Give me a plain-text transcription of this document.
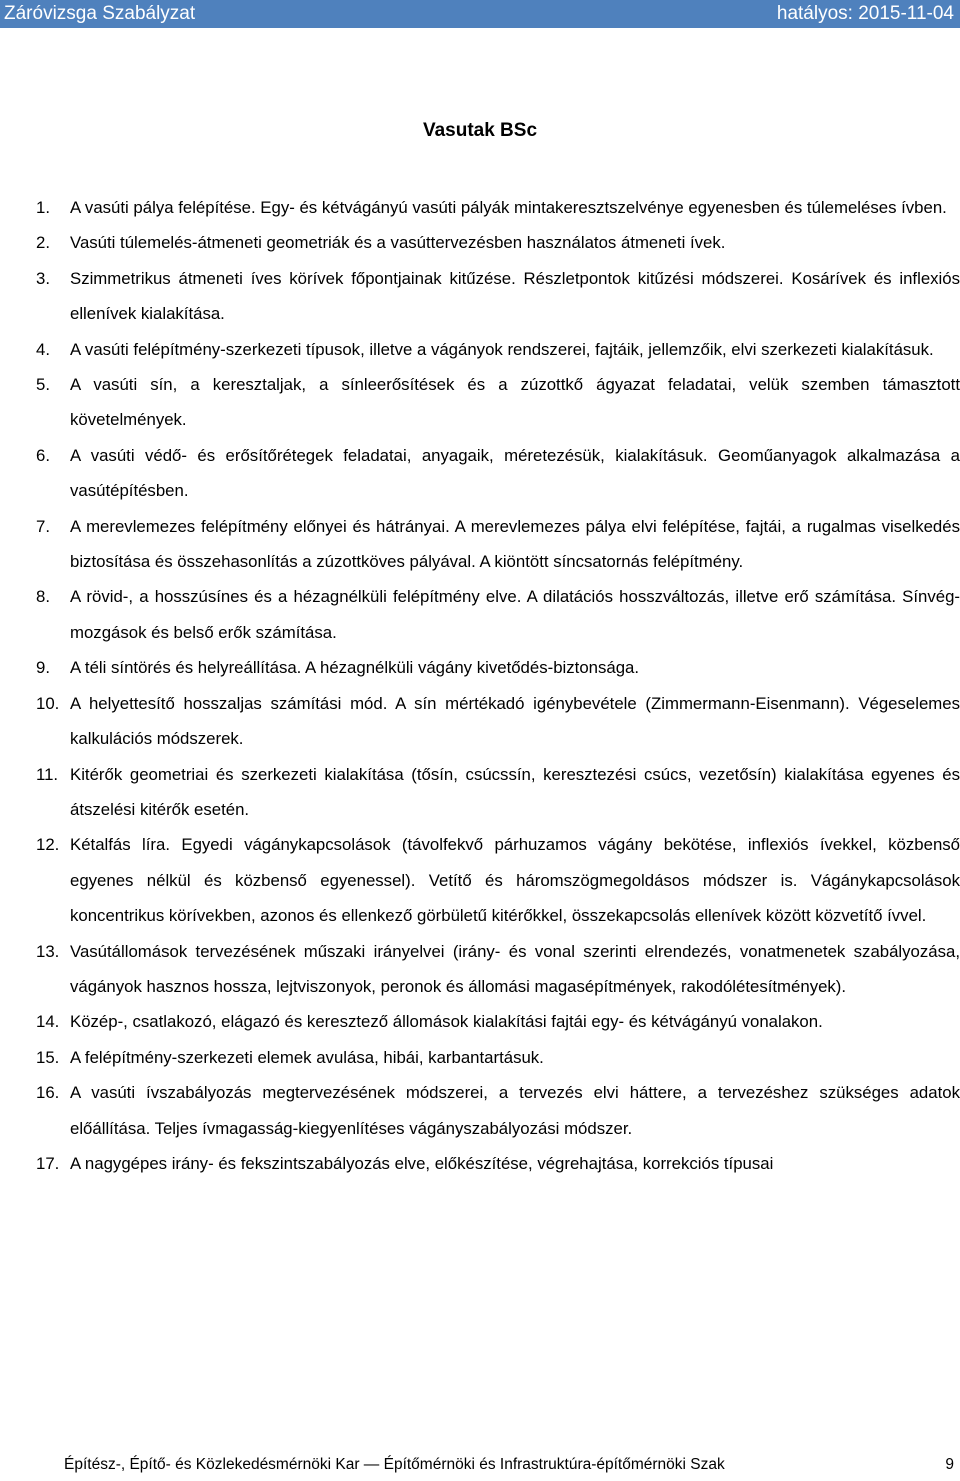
Záróvizsga Szabályzat	hatályos: 2015-11-04
Vasutak BSc
1. A vasúti pálya felépítése. Egy- és kétvágányú vasúti pályák mintakeresztszelvénye egyenesben és túlemeléses ívben.
2. Vasúti túlemelés-átmeneti geometriák és a vasúttervezésben használatos átmeneti ívek.
3. Szimmetrikus átmeneti íves körívek főpontjainak kitűzése. Részletpontok kitűzési módszerei. Kosárívek és inflexiós ellenívek kialakítása.
4. A vasúti felépítmény-szerkezeti típusok, illetve a vágányok rendszerei, fajtáik, jellemzőik, elvi szerkezeti kialakításuk.
5. A vasúti sín, a keresztaljak, a sínleerősítések és a zúzottkő ágyazat feladatai, velük szemben támasztott követelmények.
6. A vasúti védő- és erősítőrétegek feladatai, anyagaik, méretezésük, kialakításuk. Geoműanyagok alkalmazása a vasútépítésben.
7. A merevlemezes felépítmény előnyei és hátrányai. A merevlemezes pálya elvi felépítése, fajtái, a rugalmas viselkedés biztosítása és összehasonlítás a zúzottköves pályával. A kiöntött síncsatornás felépítmény.
8. A rövid-, a hosszúsínes és a hézagnélküli felépítmény elve. A dilatációs hosszváltozás, illetve erő számítása. Sínvég-mozgások és belső erők számítása.
9. A téli síntörés és helyreállítása. A hézagnélküli vágány kivetődés-biztonsága.
10. A helyettesítő hosszaljas számítási mód. A sín mértékadó igénybevétele (Zimmermann-Eisenmann). Végeselemes kalkulációs módszerek.
11. Kitérők geometriai és szerkezeti kialakítása (tősín, csúcssín, keresztezési csúcs, vezetősín) kialakítása egyenes és átszelési kitérők esetén.
12. Kétalfás líra. Egyedi vágánykapcsolások (távolfekvő párhuzamos vágány bekötése, inflexiós ívekkel, közbenső egyenes nélkül és közbenső egyenessel). Vetítő és háromszögmegoldásos módszer is. Vágánykapcsolások koncentrikus körívekben, azonos és ellenkező görbületű kitérőkkel, összekapcsolás ellenívek között közvetítő ívvel.
13. Vasútállomások tervezésének műszaki irányelvei (irány- és vonal szerinti elrendezés, vonatmenetek szabályozása, vágányok hasznos hossza, lejtviszonyok, peronok és állomási magasépítmények, rakodólétesítmények).
14. Közép-, csatlakozó, elágazó és keresztező állomások kialakítási fajtái egy- és kétvágányú vonalakon.
15. A felépítmény-szerkezeti elemek avulása, hibái, karbantartásuk.
16. A vasúti ívszabályozás megtervezésének módszerei, a tervezés elvi háttere, a tervezéshez szükséges adatok előállítása. Teljes ívmagasság-kiegyenlítéses vágányszabályozási módszer.
17. A nagygépes irány- és fekszintszabályozás elve, előkészítése, végrehajtása, korrekciós típusai
Építész-, Építő- és Közlekedésmérnöki Kar — Építőmérnöki és Infrastruktúra-építőmérnöki Szak	9
